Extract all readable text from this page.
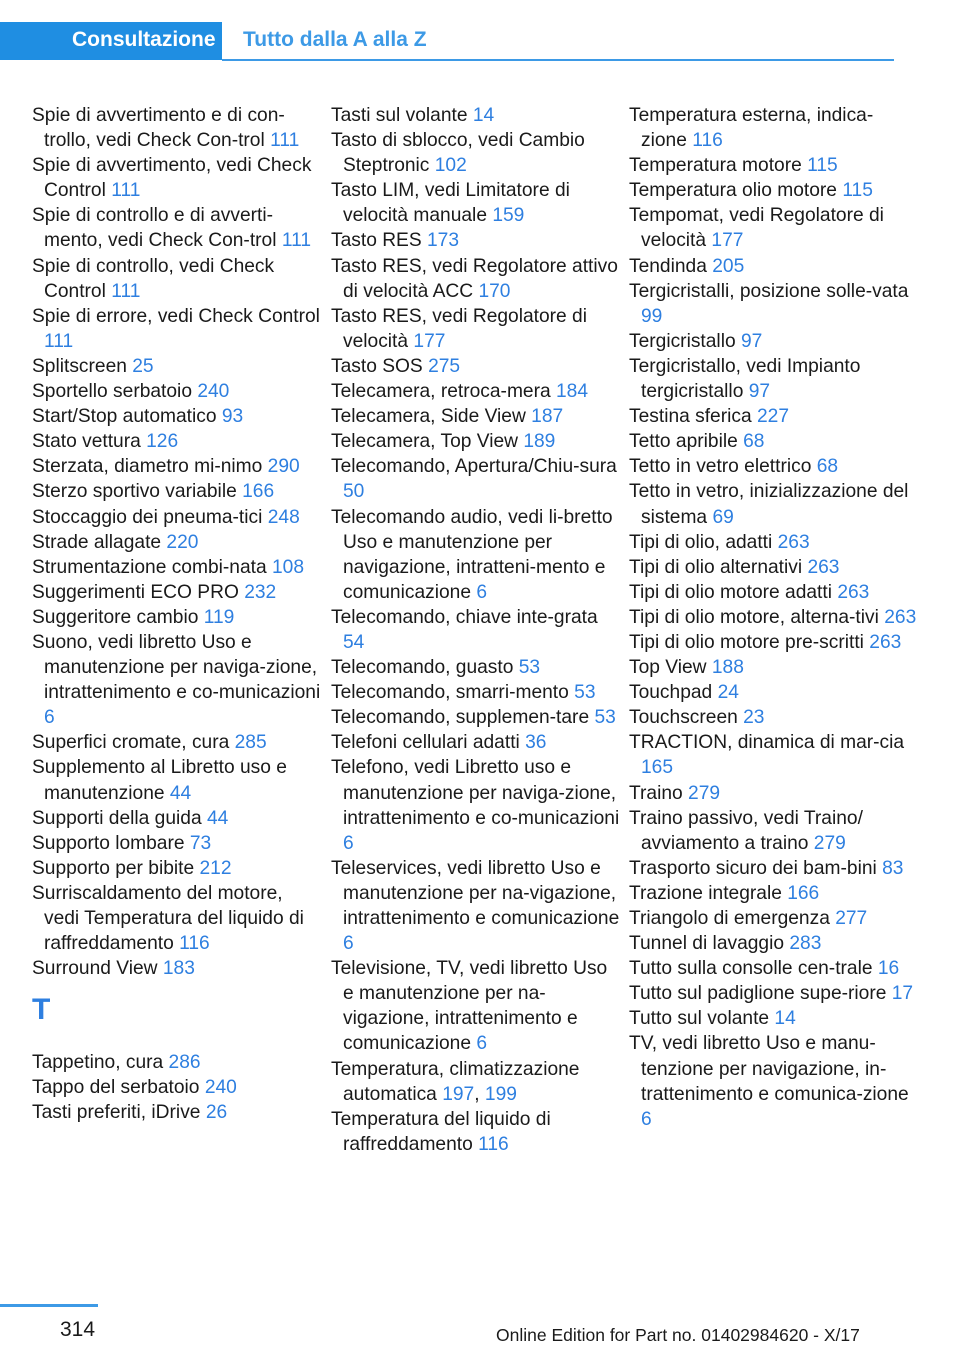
Consultazione Tutto dalla A alla Z
Spie di avvertimento e di con‐trollo, vedi Check Con‐trol 111
Spie di avvertimento, vedi Check Control 111
Spie di controllo e di avverti‐mento, vedi Check Con‐trol 111
Spie di controllo, vedi Check Control 111
Spie di errore, vedi Check Control 111
Splitscreen 25
Sportello serbatoio 240
Start/Stop automatico 93
Stato vettura 126
Sterzata, diametro mi‐nimo 290
Sterzo sportivo variabile 166
Stoccaggio dei pneuma‐tici 248
Strade allagate 220
Strumentazione combi‐nata 108
Suggerimenti ECO PRO 232
Suggeritore cambio 119
Suono, vedi libretto Uso e manutenzione per naviga‐zione, intrattenimento e co‐municazioni 6
Superfici cromate, cura 285
Supplemento al Libretto uso e manutenzione 44
Supporti della guida 44
Supporto lombare 73
Supporto per bibite 212
Surriscaldamento del motore, vedi Temperatura del liquido di raffreddamento 116
Surround View 183
T
Tappetino, cura 286
Tappo del serbatoio 240
Tasti preferiti, iDrive 26
Tasti sul volante 14
Tasto di sblocco, vedi Cambio Steptronic 102
Tasto LIM, vedi Limitatore di velocità manuale 159
Tasto RES 173
Tasto RES, vedi Regolatore attivo di velocità ACC 170
Tasto RES, vedi Regolatore di velocità 177
Tasto SOS 275
Telecamera, retroca‐mera 184
Telecamera, Side View 187
Telecamera, Top View 189
Telecomando, Apertura/Chiu‐sura 50
Telecomando audio, vedi li‐bretto Uso e manutenzione per navigazione, intratteni‐mento e comunicazione 6
Telecomando, chiave inte‐grata 54
Telecomando, guasto 53
Telecomando, smarri‐mento 53
Telecomando, supplemen‐tare 53
Telefoni cellulari adatti 36
Telefono, vedi Libretto uso e manutenzione per naviga‐zione, intrattenimento e co‐municazioni 6
Teleservices, vedi libretto Uso e manutenzione per na‐vigazione, intrattenimento e comunicazione 6
Televisione, TV, vedi libretto Uso e manutenzione per na‐vigazione, intrattenimento e comunicazione 6
Temperatura, climatizzazione automatica 197, 199
Temperatura del liquido di raffreddamento 116
Temperatura esterna, indica‐zione 116
Temperatura motore 115
Temperatura olio motore 115
Tempomat, vedi Regolatore di velocità 177
Tendinda 205
Tergicristalli, posizione solle‐vata 99
Tergicristallo 97
Tergicristallo, vedi Impianto tergicristallo 97
Testina sferica 227
Tetto apribile 68
Tetto in vetro elettrico 68
Tetto in vetro, inizializzazione del sistema 69
Tipi di olio, adatti 263
Tipi di olio alternativi 263
Tipi di olio motore adatti 263
Tipi di olio motore, alterna‐tivi 263
Tipi di olio motore pre‐scritti 263
Top View 188
Touchpad 24
Touchscreen 23
TRACTION, dinamica di mar‐cia 165
Traino 279
Traino passivo, vedi Traino/ avviamento a traino 279
Trasporto sicuro dei bam‐bini 83
Trazione integrale 166
Triangolo di emergenza 277
Tunnel di lavaggio 283
Tutto sulla consolle cen‐trale 16
Tutto sul padiglione supe‐riore 17
Tutto sul volante 14
TV, vedi libretto Uso e manu‐tenzione per navigazione, in‐trattenimento e comunica‐zione 6
314	Online Edition for Part no. 01402984620 - X/17
